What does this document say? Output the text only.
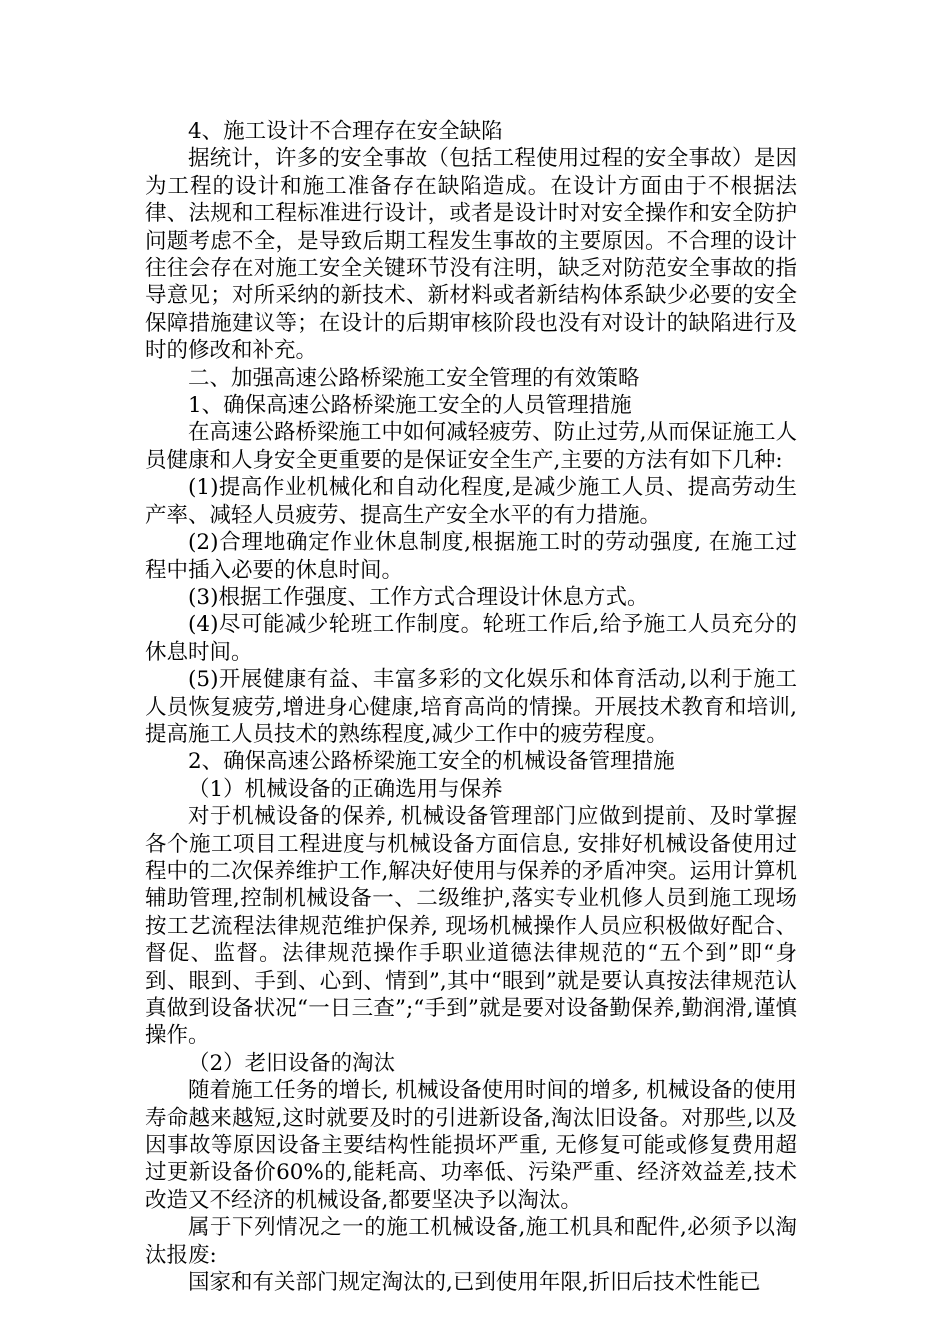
4、施工设计不合理存在安全缺陷

据统计，许多的安全事故（包括工程使用过程的安全事故）是因为工程的设计和施工准备存在缺陷造成。在设计方面由于不根据法律、法规和工程标准进行设计，或者是设计时对安全操作和安全防护问题考虑不全，是导致后期工程发生事故的主要原因。不合理的设计往往会存在对施工安全关键环节没有注明，缺乏对防范安全事故的指导意见；对所采纳的新技术、新材料或者新结构体系缺少必要的安全保障措施建议等；在设计的后期审核阶段也没有对设计的缺陷进行及时的修改和补充。

二、加强高速公路桥梁施工安全管理的有效策略

1、确保高速公路桥梁施工安全的人员管理措施

在高速公路桥梁施工中如何减轻疲劳、防止过劳,从而保证施工人员健康和人身安全更重要的是保证安全生产,主要的方法有如下几种:

(1)提高作业机械化和自动化程度,是减少施工人员、提高劳动生产率、减轻人员疲劳、提高生产安全水平的有力措施。

(2)合理地确定作业休息制度,根据施工时的劳动强度, 在施工过程中插入必要的休息时间。

(3)根据工作强度、工作方式合理设计休息方式。

(4)尽可能减少轮班工作制度。轮班工作后,给予施工人员充分的休息时间。

(5)开展健康有益、丰富多彩的文化娱乐和体育活动,以利于施工人员恢复疲劳,增进身心健康,培育高尚的情操。开展技术教育和培训, 提高施工人员技术的熟练程度,减少工作中的疲劳程度。

2、确保高速公路桥梁施工安全的机械设备管理措施

（1）机械设备的正确选用与保养

对于机械设备的保养, 机械设备管理部门应做到提前、及时掌握各个施工项目工程进度与机械设备方面信息, 安排好机械设备使用过程中的二次保养维护工作,解决好使用与保养的矛盾冲突。运用计算机辅助管理,控制机械设备一、二级维护,落实专业机修人员到施工现场按工艺流程法律规范维护保养, 现场机械操作人员应积极做好配合、督促、监督。法律规范操作手职业道德法律规范的“五个到”即“身到、眼到、手到、心到、情到”,其中“眼到”就是要认真按法律规范认真做到设备状况“一日三查”;“手到”就是要对设备勤保养,勤润滑,谨慎操作。

（2）老旧设备的淘汰

随着施工任务的增长, 机械设备使用时间的增多, 机械设备的使用寿命越来越短,这时就要及时的引进新设备,淘汰旧设备。对那些,以及因事故等原因设备主要结构性能损坏严重, 无修复可能或修复费用超过更新设备价60%的,能耗高、功率低、污染严重、经济效益差,技术改造又不经济的机械设备,都要坚决予以淘汰。

属于下列情况之一的施工机械设备,施工机具和配件,必须予以淘汰报废:

国家和有关部门规定淘汰的,已到使用年限,折旧后技术性能已
